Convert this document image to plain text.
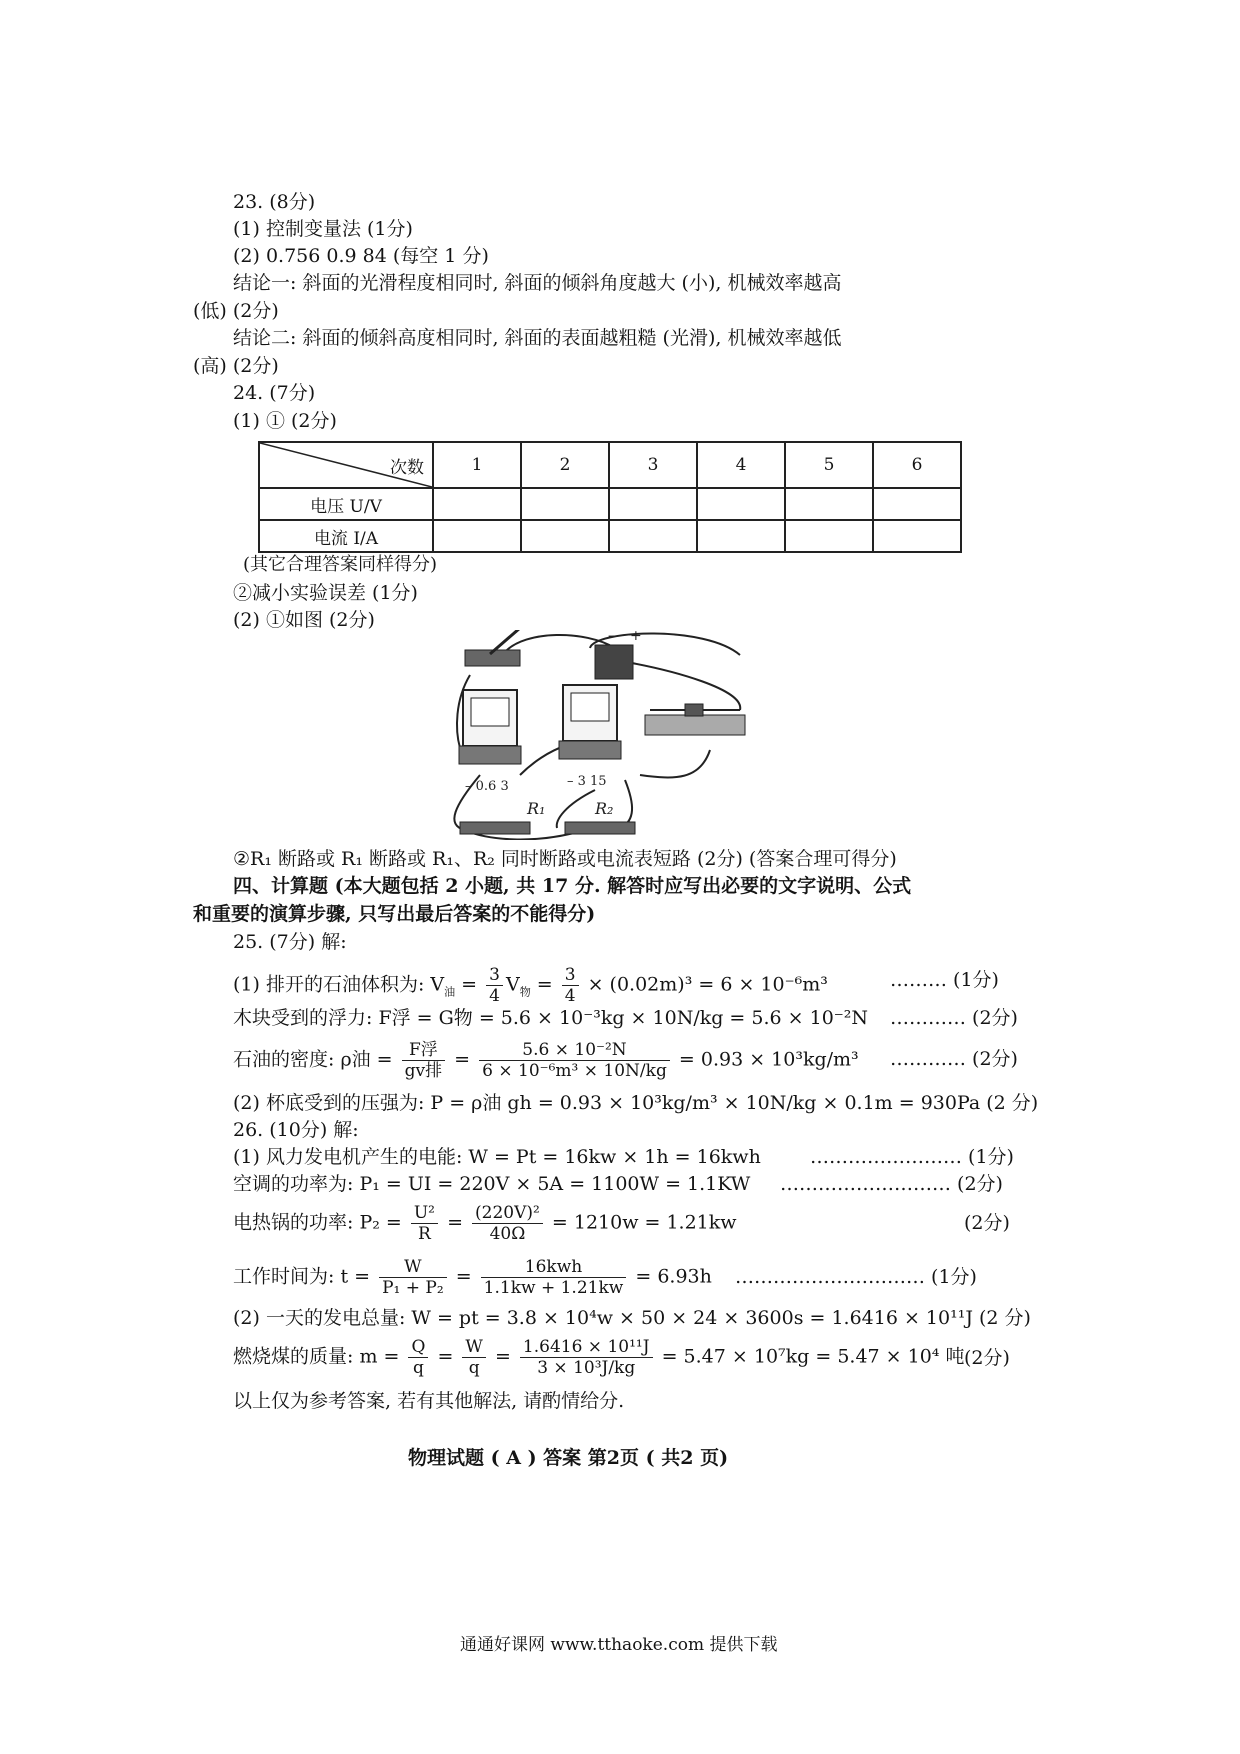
23. (8分)
(1) 控制变量法 (1分)
(2) 0.756 0.9 84 (每空 1 分)
结论一: 斜面的光滑程度相同时, 斜面的倾斜角度越大 (小), 机械效率越高
(低) (2分)
结论二: 斜面的倾斜高度相同时, 斜面的表面越粗糙 (光滑), 机械效率越低
(高) (2分)
24. (7分)
(1) ① (2分)
次数	1	2	3	4	5	6
电压 U/V						
电流 I/A						
(其它合理答案同样得分)
②减小实验误差 (1分)
(2) ①如图 (2分)
– +
– 0.6 3	– 3 15
R₁	R₂
②R₁ 断路或 R₁ 断路或 R₁、R₂ 同时断路或电流表短路 (2分) (答案合理可得分)
四、计算题 (本大题包括 2 小题, 共 17 分. 解答时应写出必要的文字说明、公式
和重要的演算步骤, 只写出最后答案的不能得分)
25. (7分) 解:
(1) 排开的石油体积为: $V_油 = \frac{3}{4} V_物 = \frac{3}{4} \times (0.02m)^3 = 6 \times 10^{-6}m^3$	……… (1分)
木块受到的浮力: F浮 = G物 = 5.6 × 10⁻³kg × 10N/kg = 5.6 × 10⁻²N ………… (2分)
石油的密度: ρ油 = $\frac{\text{F浮}}{\text{gv排}} = \frac{\text{5.6 × 10⁻²N}}{\text{6 × 10⁻⁶m³ × 10N/kg}} = 0.93 \times 10^3kg/m^3$ ………… (2分)
(2) 杯底受到的压强为: P = ρ油 gh = 0.93 × 10³kg/m³ × 10N/kg × 0.1m = 930Pa (2 分)
26. (10分) 解:
(1) 风力发电机产生的电能: W = Pt = 16kw × 1h = 16kwh	…………………… (1分)
空调的功率为: P₁ = UI = 220V × 5A = 1100W = 1.1KW ……………………… (2分)
电热锅的功率: $P_2 = \frac{\text{U²}}{R} = \frac{\text{(220V)²}}{40\Omega} = 1210w = 1.21kw$	(2分)
工作时间为: $t = \frac{W}{\text{P₁ + P₂}} = \frac{\text{16kwh}}{1.1kw + 1.21kw} = 6.93h$ ………………………… (1分)
(2) 一天的发电总量: W = pt = 3.8 × 10⁴w × 50 × 24 × 3600s = 1.6416 × 10¹¹J (2 分)
燃烧煤的质量: $m = \frac{Q}{q} = \frac{W}{q} = \frac{\text{1.6416 × 10¹¹J}}{\text{3 × 10³J/kg}} = 5.47 \times 10^7kg = 5.47 \times 10^4$ 吨 (2分)
以上仅为参考答案, 若有其他解法, 请酌情给分.
物理试题 ( A ) 答案 第2页 ( 共2 页)
通通好课网 www.tthaoke.com 提供下载
